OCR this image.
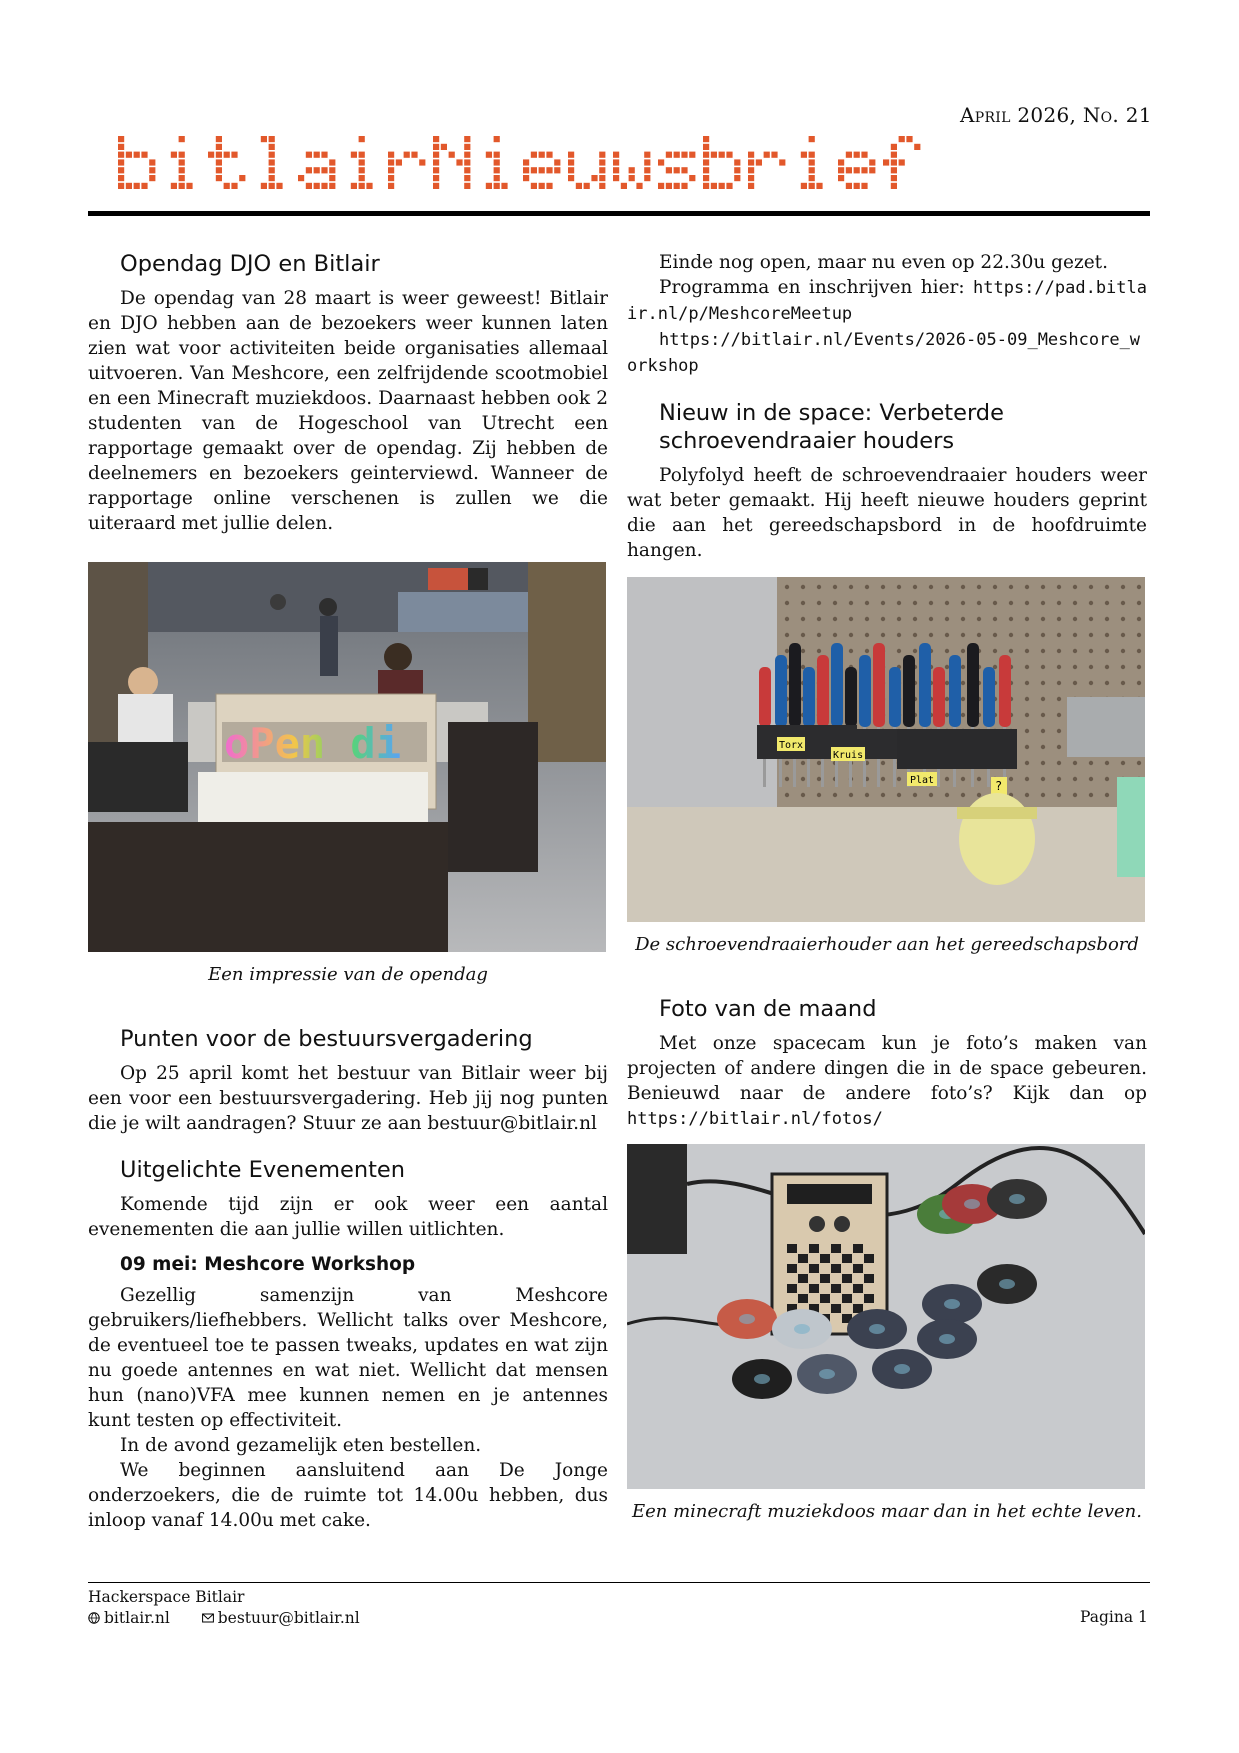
April 2026, No. 21
Opendag DJO en Bitlair

De opendag van 28 maart is weer geweest! Bitlair en DJO hebben aan de bezoekers weer kunnen laten zien wat voor activiteiten beide organisaties allemaal uitvoeren. Van Meshcore, een zelfrijdende scootmobiel en een Minecraft muziekdoos. Daarnaast hebben ook 2 studenten van de Hogeschool van Utrecht een rapportage gemaakt over de opendag. Zij hebben de deelnemers en bezoekers geinterviewd. Wanneer de rapportage online verschenen is zullen we die uiteraard met jullie delen.

oPen di
Een impressie van de opendag
Punten voor de bestuursvergadering

Op 25 april komt het bestuur van Bitlair weer bij een voor een bestuursvergadering. Heb jij nog punten die je wilt aandragen? Stuur ze aan bestuur@bitlair.nl

Uitgelichte Evenementen

Komende tijd zijn er ook weer een aantal evenementen die aan jullie willen uitlichten.

09 mei: Meshcore Workshop

Gezellig samenzijn van Meshcore gebruikers/liefhebbers. Wellicht talks over Meshcore, de eventueel toe te passen tweaks, updates en wat zijn nu goede antennes en wat niet. Wellicht dat mensen hun (nano)VFA mee kunnen nemen en je antennes kunt testen op effectiviteit.

In de avond gezamelijk eten bestellen.

We beginnen aansluitend aan De Jonge onderzoekers, die de ruimte tot 14.00u hebben, dus inloop vanaf 14.00u met cake.

Einde nog open, maar nu even op 22.30u gezet.

Programma en inschrijven hier: https://pad.bitlair.nl/p/MeshcoreMeetup

https://bitlair.nl/Events/2026-05-09_Meshcore_workshop

Nieuw in de space: Verbeterde schroevendraaier houders

Polyfolyd heeft de schroevendraaier houders weer wat beter gemaakt. Hij heeft nieuwe houders geprint die aan het gereedschapsbord in de hoofdruimte hangen.

Torx
Kruis
Plat	?
De schroevendraaierhouder aan het gereedschapsbord
Foto van de maand

Met onze spacecam kun je foto’s maken van projecten of andere dingen die in de space gebeuren. Benieuwd naar de andere foto’s? Kijk dan op https://bitlair.nl/fotos/

Een minecraft muziekdoos maar dan in het echte leven.
Hackerspace Bitlair
bitlair.nl	bestuur@bitlair.nl	Pagina 1
